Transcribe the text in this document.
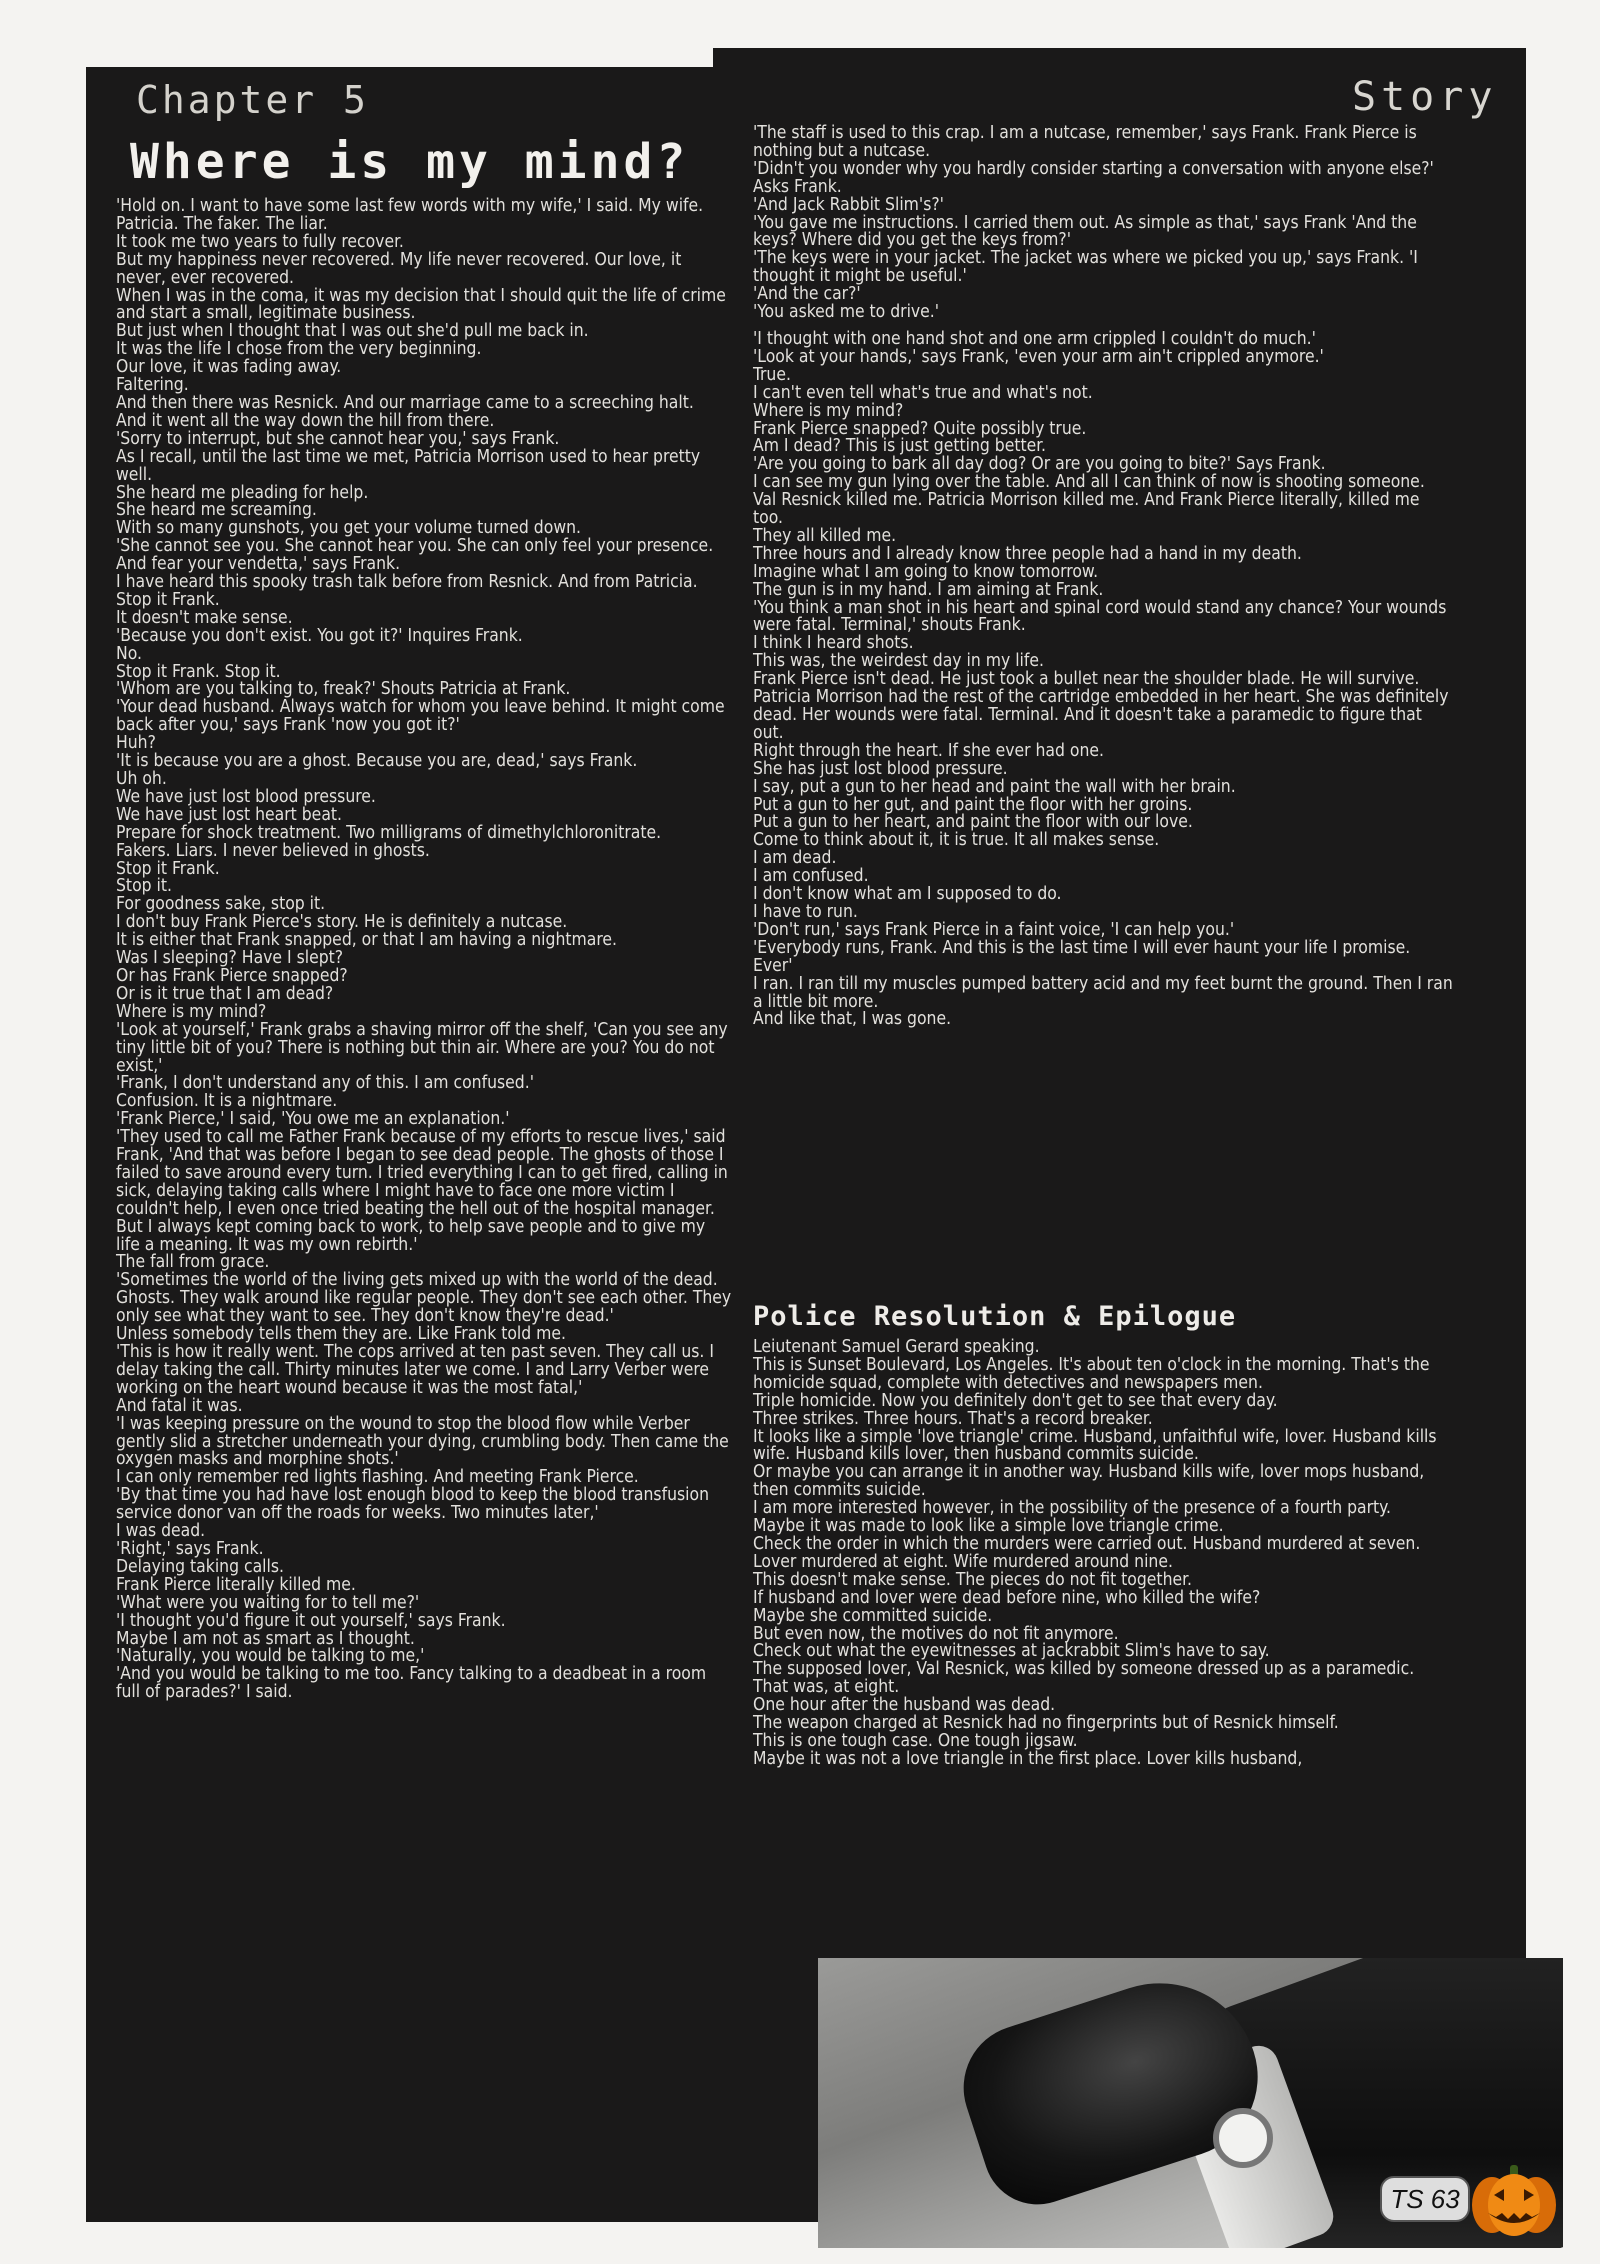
Chapter 5
Where is my mind?
Story

'Hold on. I want to have some last few words with my wife,' I said. My wife. Patricia. The faker. The liar.

It took me two years to fully recover.

But my happiness never recovered. My life never recovered. Our love, it never, ever recovered.

When I was in the coma, it was my decision that I should quit the life of crime and start a small, legitimate business.

But just when I thought that I was out she'd pull me back in.

It was the life I chose from the very beginning.

Our love, it was fading away.

Faltering.

And then there was Resnick. And our marriage came to a screeching halt.

And it went all the way down the hill from there.

'Sorry to interrupt, but she cannot hear you,' says Frank.

As I recall, until the last time we met, Patricia Morrison used to hear pretty well.

She heard me pleading for help.

She heard me screaming.

With so many gunshots, you get your volume turned down.

'She cannot see you. She cannot hear you. She can only feel your presence. And fear your vendetta,' says Frank.

I have heard this spooky trash talk before from Resnick. And from Patricia.

Stop it Frank.

It doesn't make sense.

'Because you don't exist. You got it?' Inquires Frank.

No.

Stop it Frank. Stop it.

'Whom are you talking to, freak?' Shouts Patricia at Frank.

'Your dead husband. Always watch for whom you leave behind. It might come back after you,' says Frank 'now you got it?'

Huh?

'It is because you are a ghost. Because you are, dead,' says Frank.

Uh oh.

We have just lost blood pressure.

We have just lost heart beat.

Prepare for shock treatment. Two milligrams of dimethylchloronitrate.

Fakers. Liars. I never believed in ghosts.

Stop it Frank.

Stop it.

For goodness sake, stop it.

I don't buy Frank Pierce's story. He is definitely a nutcase.

It is either that Frank snapped, or that I am having a nightmare.

Was I sleeping? Have I slept?

Or has Frank Pierce snapped?

Or is it true that I am dead?

Where is my mind?

'Look at yourself,' Frank grabs a shaving mirror off the shelf, 'Can you see any tiny little bit of you? There is nothing but thin air. Where are you? You do not exist,'

'Frank, I don't understand any of this. I am confused.'

Confusion. It is a nightmare.

'Frank Pierce,' I said, 'You owe me an explanation.'

'They used to call me Father Frank because of my efforts to rescue lives,' said Frank, 'And that was before I began to see dead people. The ghosts of those I failed to save around every turn. I tried everything I can to get fired, calling in sick, delaying taking calls where I might have to face one more victim I couldn't help, I even once tried beating the hell out of the hospital manager. But I always kept coming back to work, to help save people and to give my life a meaning. It was my own rebirth.'

The fall from grace.

'Sometimes the world of the living gets mixed up with the world of the dead. Ghosts. They walk around like regular people. They don't see each other. They only see what they want to see. They don't know they're dead.'

Unless somebody tells them they are. Like Frank told me.

'This is how it really went. The cops arrived at ten past seven. They call us. I delay taking the call. Thirty minutes later we come. I and Larry Verber were working on the heart wound because it was the most fatal,'

And fatal it was.

'I was keeping pressure on the wound to stop the blood flow while Verber gently slid a stretcher underneath your dying, crumbling body. Then came the oxygen masks and morphine shots.'

I can only remember red lights flashing. And meeting Frank Pierce.

'By that time you had have lost enough blood to keep the blood transfusion service donor van off the roads for weeks. Two minutes later,'

I was dead.

'Right,' says Frank.

Delaying taking calls.

Frank Pierce literally killed me.

'What were you waiting for to tell me?'

'I thought you'd figure it out yourself,' says Frank.

Maybe I am not as smart as I thought.

'Naturally, you would be talking to me,'

'And you would be talking to me too. Fancy talking to a deadbeat in a room full of parades?' I said.

'The staff is used to this crap. I am a nutcase, remember,' says Frank. Frank Pierce is nothing but a nutcase.

'Didn't you wonder why you hardly consider starting a conversation with anyone else?' Asks Frank.

'And Jack Rabbit Slim's?'

'You gave me instructions. I carried them out. As simple as that,' says Frank 'And the keys? Where did you get the keys from?'

'The keys were in your jacket. The jacket was where we picked you up,' says Frank. 'I thought it might be useful.'

'And the car?'

'You asked me to drive.'

'I thought with one hand shot and one arm crippled I couldn't do much.'

'Look at your hands,' says Frank, 'even your arm ain't crippled anymore.'

True.

I can't even tell what's true and what's not.

Where is my mind?

Frank Pierce snapped? Quite possibly true.

Am I dead? This is just getting better.

'Are you going to bark all day dog? Or are you going to bite?' Says Frank.

I can see my gun lying over the table. And all I can think of now is shooting someone.

Val Resnick killed me. Patricia Morrison killed me. And Frank Pierce literally, killed me too.

They all killed me.

Three hours and I already know three people had a hand in my death.

Imagine what I am going to know tomorrow.

The gun is in my hand. I am aiming at Frank.

'You think a man shot in his heart and spinal cord would stand any chance? Your wounds were fatal. Terminal,' shouts Frank.

I think I heard shots.

This was, the weirdest day in my life.

Frank Pierce isn't dead. He just took a bullet near the shoulder blade. He will survive.

Patricia Morrison had the rest of the cartridge embedded in her heart. She was definitely dead. Her wounds were fatal. Terminal. And it doesn't take a paramedic to figure that out.

Right through the heart. If she ever had one.

She has just lost blood pressure.

I say, put a gun to her head and paint the wall with her brain.

Put a gun to her gut, and paint the floor with her groins.

Put a gun to her heart, and paint the floor with our love.

Come to think about it, it is true. It all makes sense.

I am dead.

I am confused.

I don't know what am I supposed to do.

I have to run.

'Don't run,' says Frank Pierce in a faint voice, 'I can help you.'

'Everybody runs, Frank. And this is the last time I will ever haunt your life I promise. Ever'

I ran. I ran till my muscles pumped battery acid and my feet burnt the ground. Then I ran a little bit more.

And like that, I was gone.

Police Resolution & Epilogue

Leiutenant Samuel Gerard speaking.

This is Sunset Boulevard, Los Angeles. It's about ten o'clock in the morning. That's the homicide squad, complete with detectives and newspapers men.

Triple homicide. Now you definitely don't get to see that every day.

Three strikes. Three hours. That's a record breaker.

It looks like a simple 'love triangle' crime. Husband, unfaithful wife, lover. Husband kills wife. Husband kills lover, then husband commits suicide.

Or maybe you can arrange it in another way. Husband kills wife, lover mops husband, then commits suicide.

I am more interested however, in the possibility of the presence of a fourth party.

Maybe it was made to look like a simple love triangle crime.

Check the order in which the murders were carried out. Husband murdered at seven. Lover murdered at eight. Wife murdered around nine.

This doesn't make sense. The pieces do not fit together.

If husband and lover were dead before nine, who killed the wife?

Maybe she committed suicide.

But even now, the motives do not fit anymore.

Check out what the eyewitnesses at jackrabbit Slim's have to say.

The supposed lover, Val Resnick, was killed by someone dressed up as a paramedic. That was, at eight.

One hour after the husband was dead.

The weapon charged at Resnick had no fingerprints but of Resnick himself.

This is one tough case. One tough jigsaw.

Maybe it was not a love triangle in the first place. Lover kills husband,

TS 63
